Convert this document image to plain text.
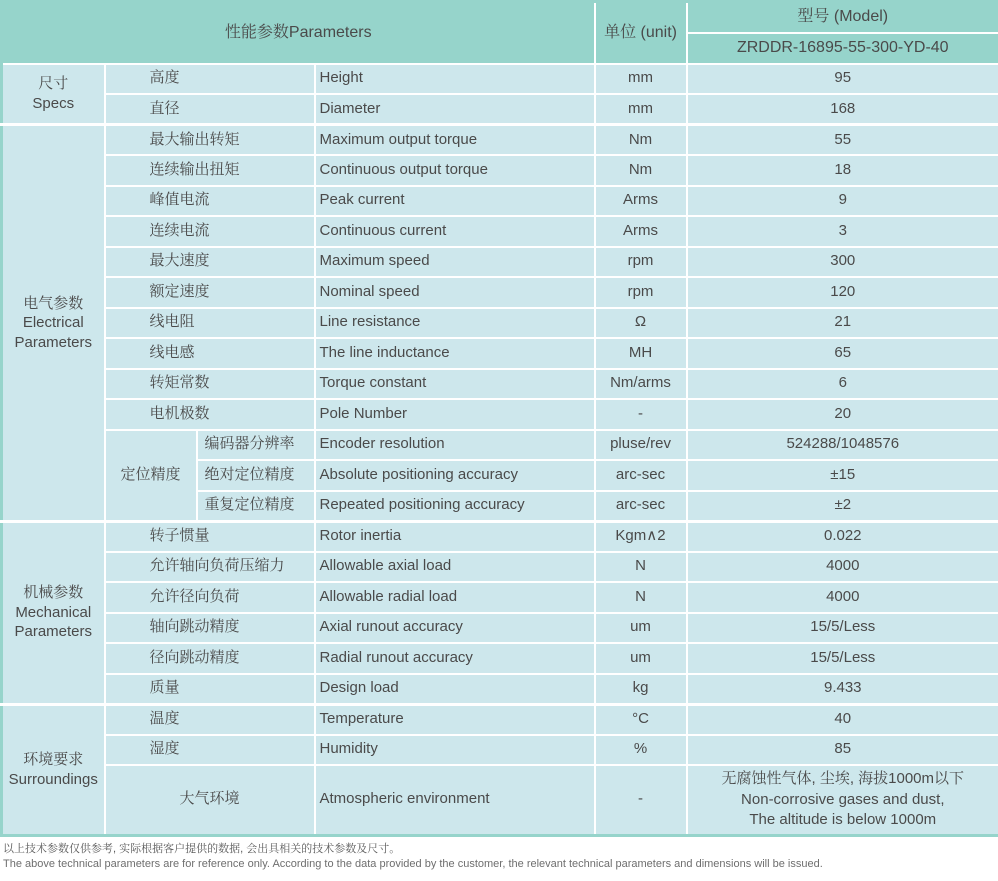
性能参数Parameters				单位 (unit)	型号 (Model)
					ZRDDR-16895-55-300-YD-40

尺寸
Specs	高度		Height	mm	95
	直径		Diameter	mm	168

电气参数
Electrical Parameters	最大输出转矩		Maximum output torque	Nm	55
	连续输出扭矩		Continuous output torque	Nm	18
	峰值电流		Peak current	Arms	9
	连续电流		Continuous current	Arms	3
	最大速度		Maximum speed	rpm	300
	额定速度		Nominal speed	rpm	120
	线电阻		Line resistance	Ω	21
	线电感		The line inductance	MH	65
	转矩常数		Torque constant	Nm/arms	6
	电机极数		Pole Number	-	20
	定位精度	编码器分辨率	Encoder resolution	pluse/rev	524288/1048576
		绝对定位精度	Absolute positioning accuracy	arc-sec	±15
		重复定位精度	Repeated positioning accuracy	arc-sec	±2

机械参数
Mechanical Parameters	转子惯量		Rotor inertia	Kgm∧2	0.022
	允许轴向负荷压缩力		Allowable axial load	N	4000
	允许径向负荷		Allowable radial load	N	4000
	轴向跳动精度		Axial runout accuracy	um	15/5/Less
	径向跳动精度		Radial runout accuracy	um	15/5/Less
	质量		Design load	kg	9.433

环境要求
Surroundings	温度		Temperature	°C	40
	湿度		Humidity	%	85
	大气环境		Atmospheric environment	-	无腐蚀性气体, 尘埃, 海拔1000m以下
Non-corrosive gases and dust,
The altitude is below 1000m
以上技术参数仅供参考, 实际根据客户提供的数据, 会出具相关的技术参数及尺寸。
The above technical parameters are for reference only. According to the data provided by the customer, the relevant technical parameters and dimensions will be issued.
